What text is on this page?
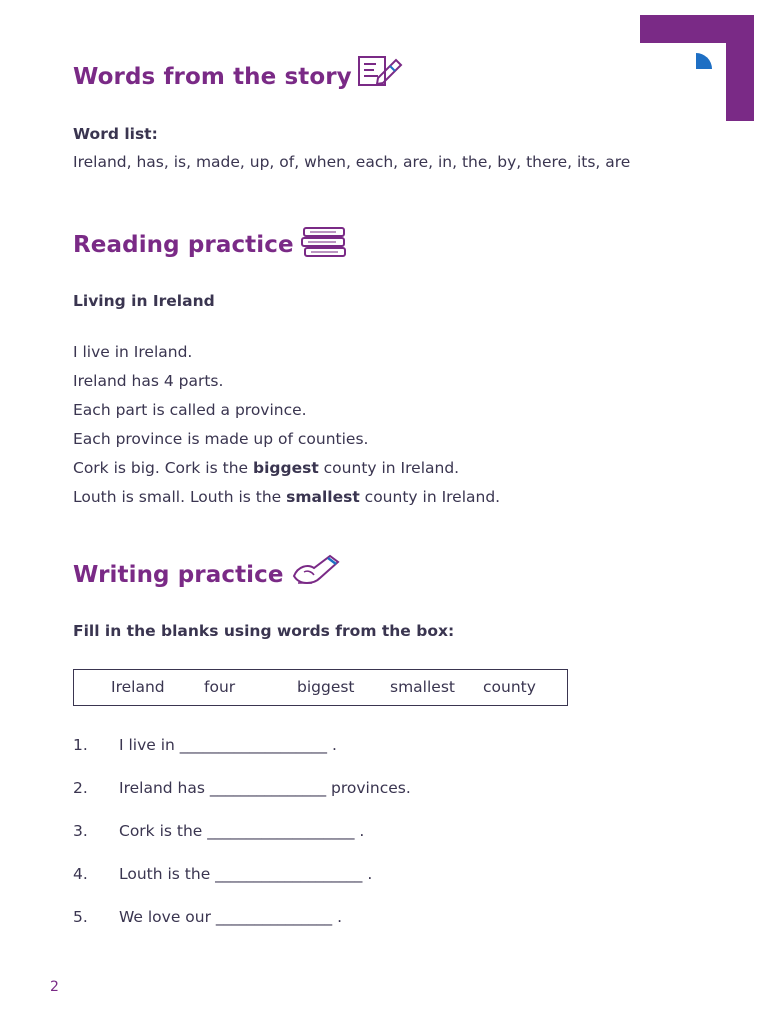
Words from the story
Word list:
Ireland, has, is, made, up, of, when, each, are, in, the, by, there, its, are
Reading practice
Living in Ireland
I live in Ireland.
Ireland has 4 parts.
Each part is called a province.
Each province is made up of counties.
Cork is big. Cork is the biggest county in Ireland.
Louth is small. Louth is the smallest county in Ireland.
Writing practice
Fill in the blanks using words from the box:
Ireland	four	biggest smallest county
1. I live in ___________________ .
2. Ireland has _______________ provinces.
3. Cork is the ___________________ .
4. Louth is the ___________________ .
5. We love our _______________ .
2
